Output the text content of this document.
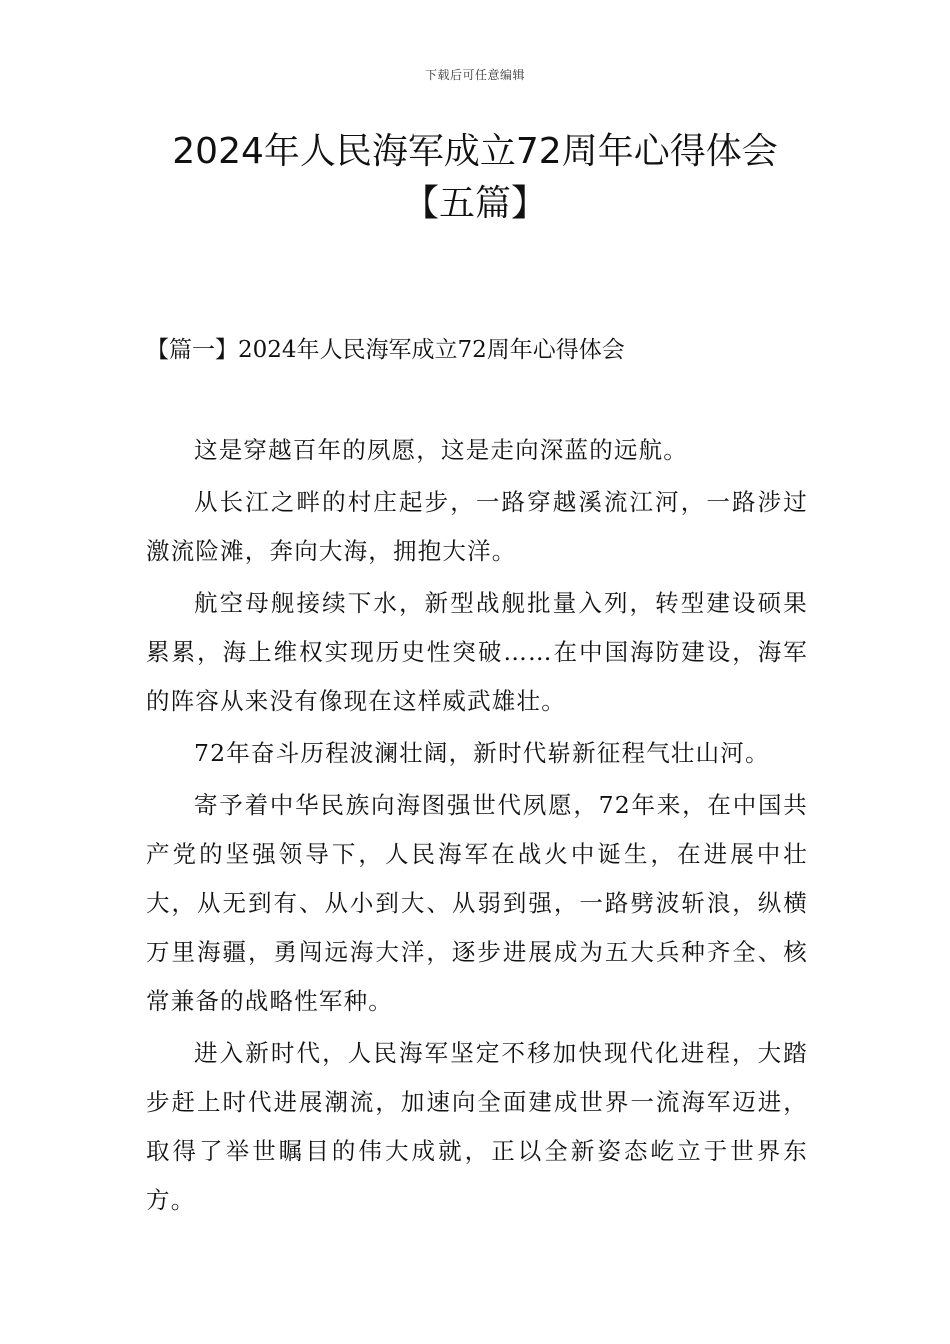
下载后可任意编辑
2024年人民海军成立72周年心得体会【五篇】
【篇一】2024年人民海军成立72周年心得体会

这是穿越百年的夙愿，这是走向深蓝的远航。

从长江之畔的村庄起步，一路穿越溪流江河，一路涉过激流险滩，奔向大海，拥抱大洋。

航空母舰接续下水，新型战舰批量入列，转型建设硕果累累，海上维权实现历史性突破……在中国海防建设，海军的阵容从来没有像现在这样威武雄壮。

72年奋斗历程波澜壮阔，新时代崭新征程气壮山河。

寄予着中华民族向海图强世代夙愿，72年来，在中国共产党的坚强领导下，人民海军在战火中诞生，在进展中壮大，从无到有、从小到大、从弱到强，一路劈波斩浪，纵横万里海疆，勇闯远海大洋，逐步进展成为五大兵种齐全、核常兼备的战略性军种。

进入新时代，人民海军坚定不移加快现代化进程，大踏步赶上时代进展潮流，加速向全面建成世界一流海军迈进，取得了举世瞩目的伟大成就，正以全新姿态屹立于世界东方。
